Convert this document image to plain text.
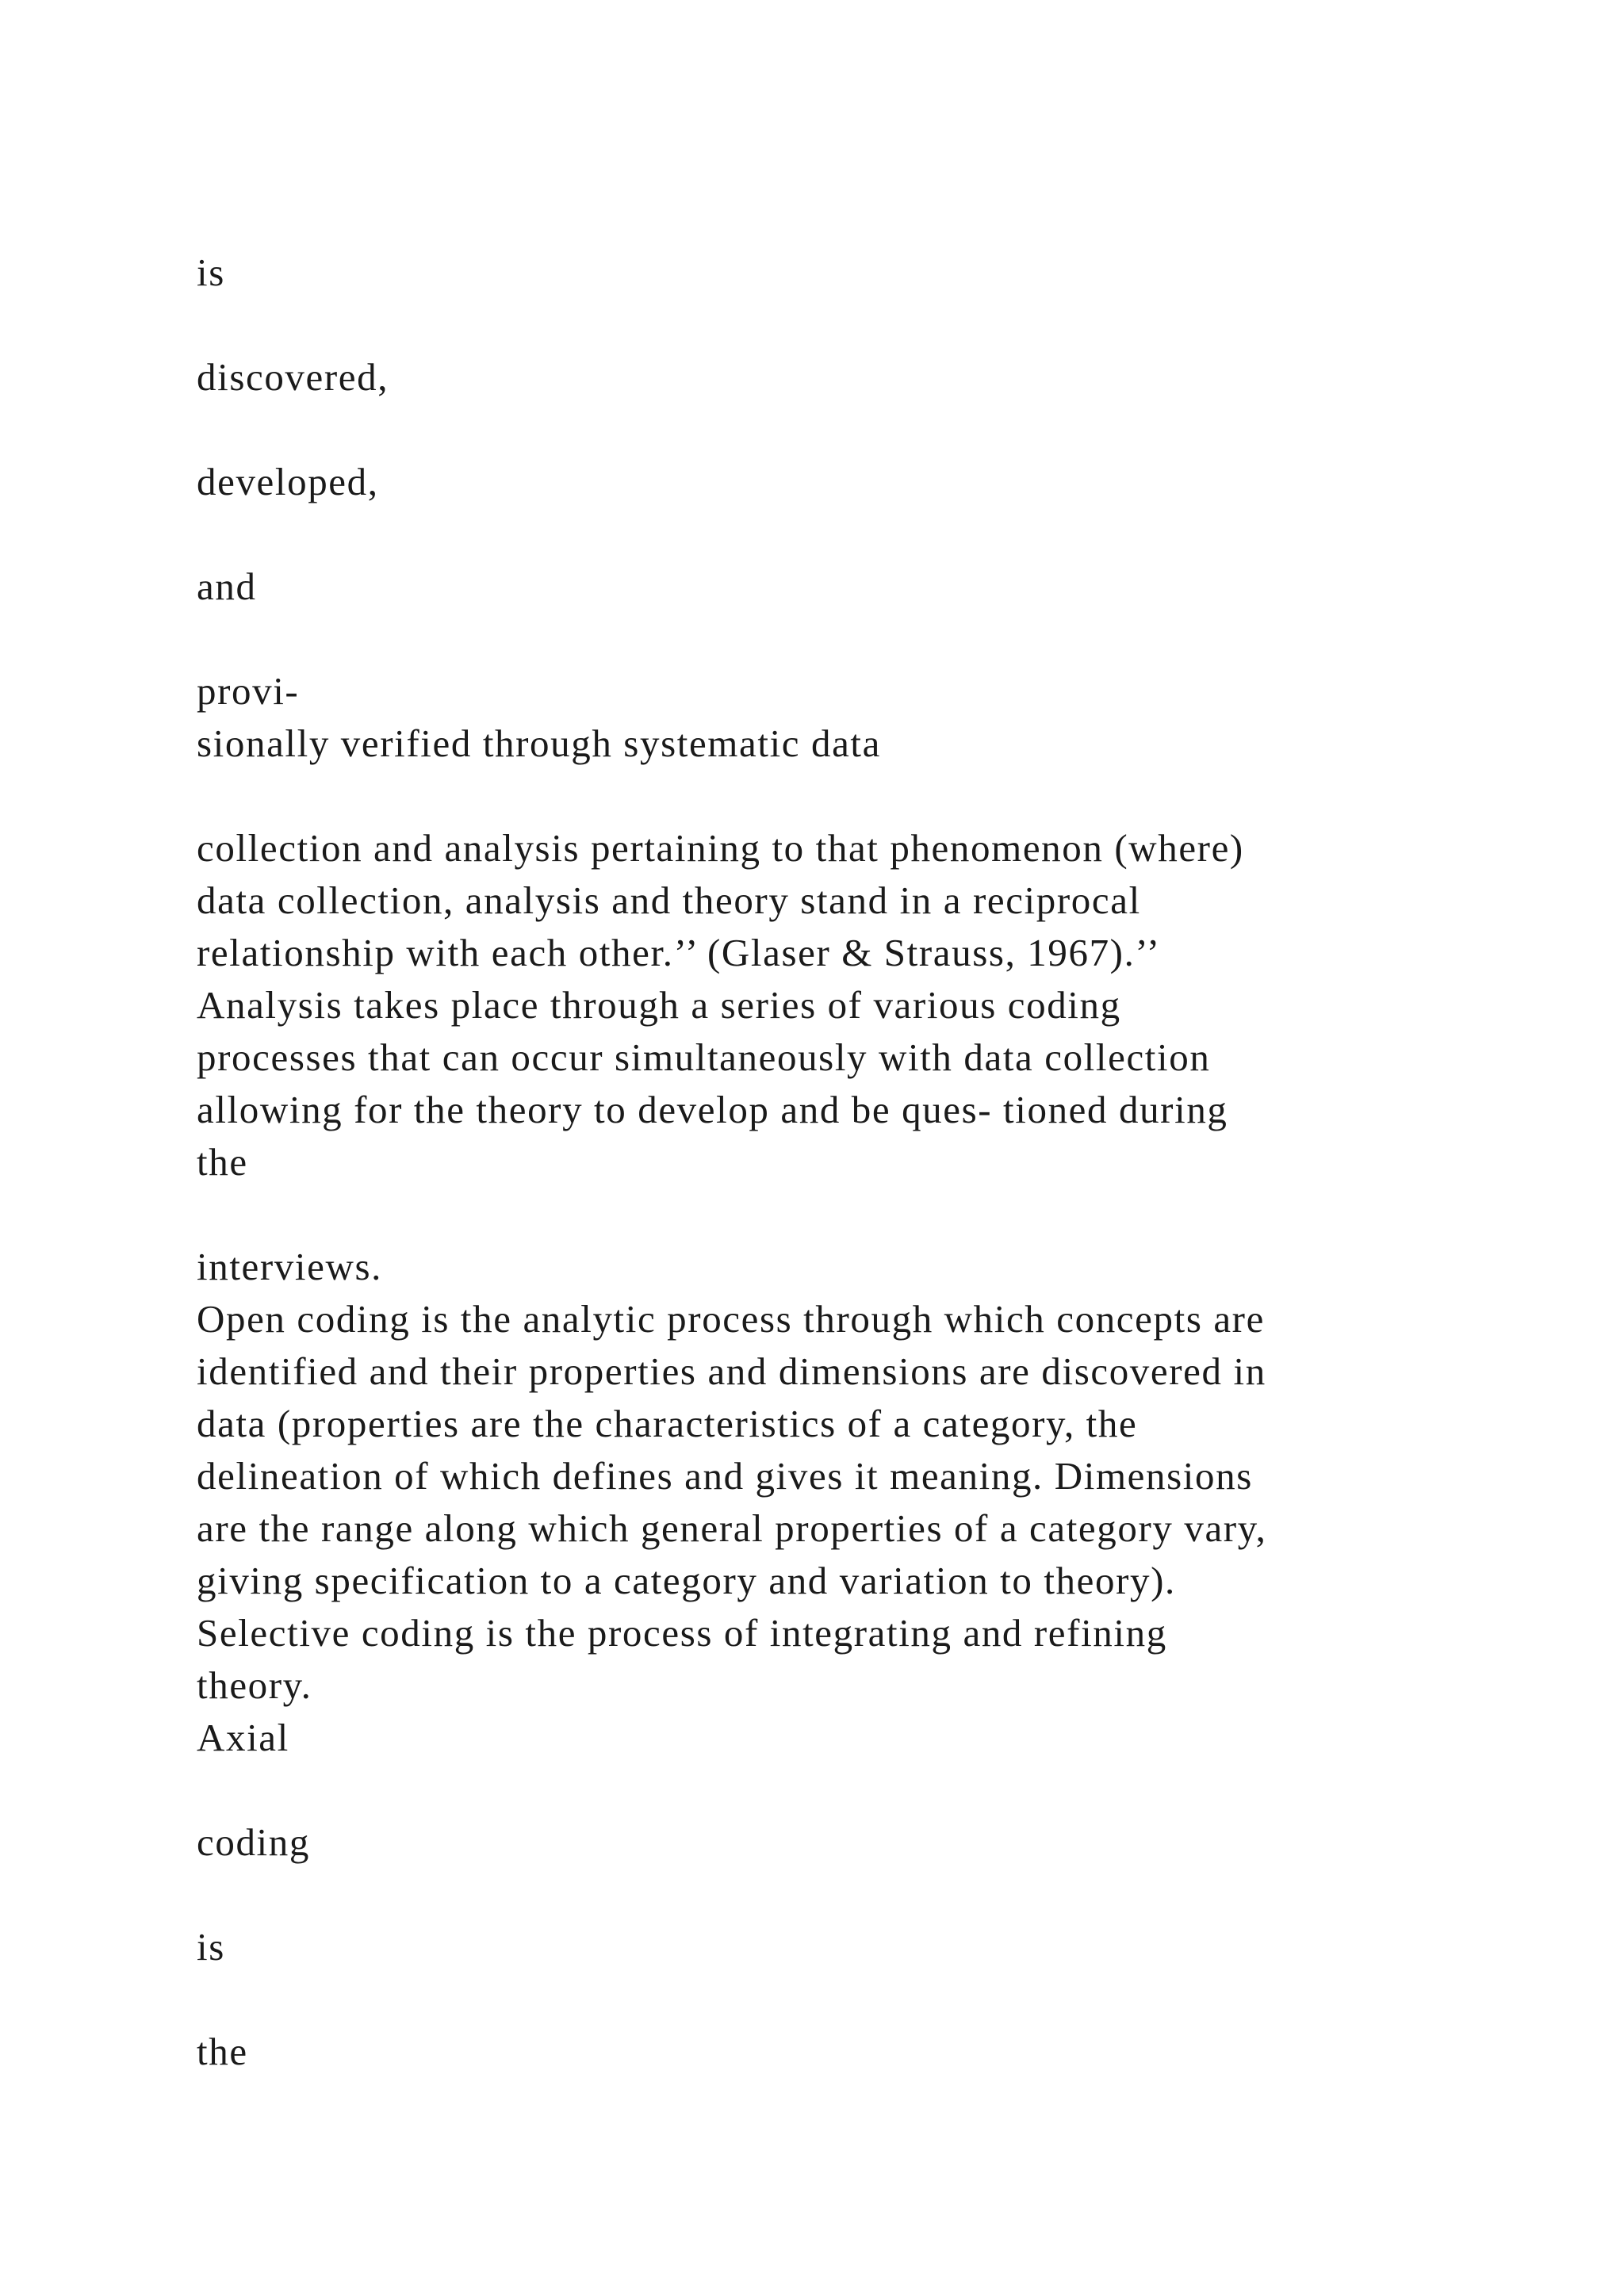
is
discovered,
developed,
and
provi-
sionally verified through systematic data
collection and analysis pertaining to that phenomenon (where)
data collection, analysis and theory stand in a reciprocal
relationship with each other.’’ (Glaser & Strauss, 1967).’’
Analysis takes place through a series of various coding
processes that can occur simultaneously with data collection
allowing for the theory to develop and be ques- tioned during
the
interviews.
Open coding is the analytic process through which concepts are
identified and their properties and dimensions are discovered in
data (properties are the characteristics of a category, the
delineation of which defines and gives it meaning. Dimensions
are the range along which general properties of a category vary,
giving specification to a category and variation to theory).
Selective coding is the process of integrating and refining
theory.
Axial
coding
is
the
